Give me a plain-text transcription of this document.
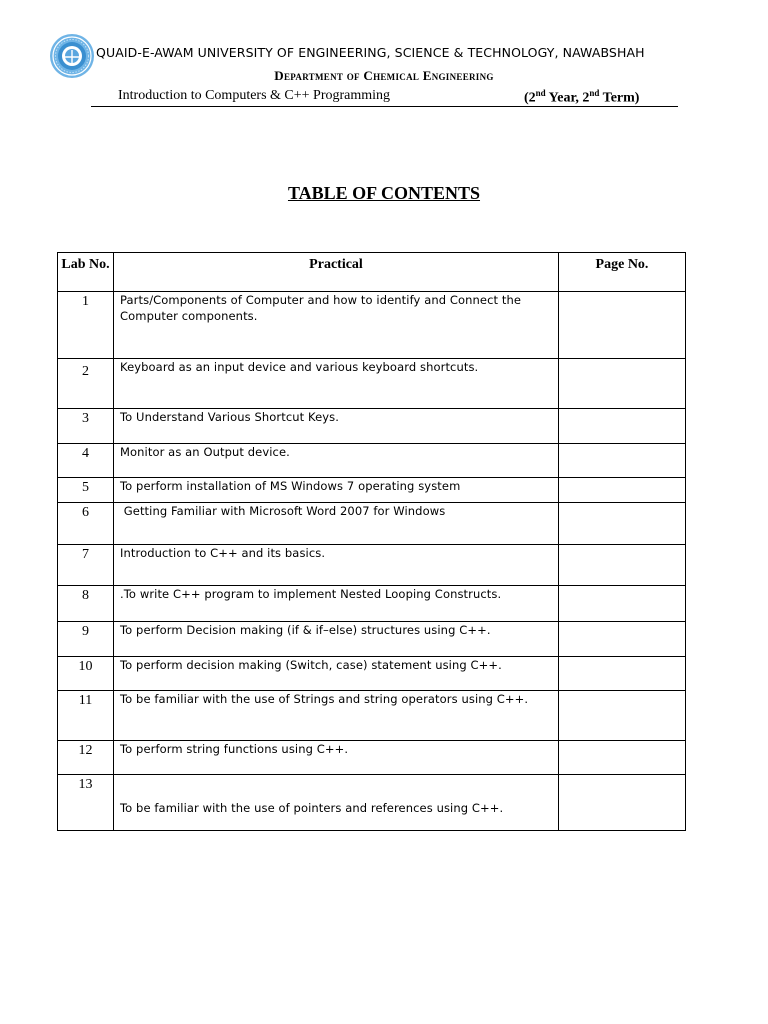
QUAID-E-AWAM UNIVERSITY OF ENGINEERING, SCIENCE & TECHNOLOGY, NAWABSHAH
Department of Chemical Engineering
Introduction to Computers & C++ Programming	(2nd Year, 2nd Term)
TABLE OF CONTENTS
Lab No.	Practical	Page No.
1	Parts/Components of Computer and how to identify and Connect the Computer components.	
2	Keyboard as an input device and various keyboard shortcuts.	
3	To Understand Various Shortcut Keys.	
4	Monitor as an Output device.	
5	To perform installation of MS Windows 7 operating system	
6	Getting Familiar with Microsoft Word 2007 for Windows	
7	Introduction to C++ and its basics.	
8	.To write C++ program to implement Nested Looping Constructs.	
9	To perform Decision making (if & if–else) structures using C++.	
10	To perform decision making (Switch, case) statement using C++.	
11	To be familiar with the use of Strings and string operators using C++.	
12	To perform string functions using C++.	
13	To be familiar with the use of pointers and references using C++.	
